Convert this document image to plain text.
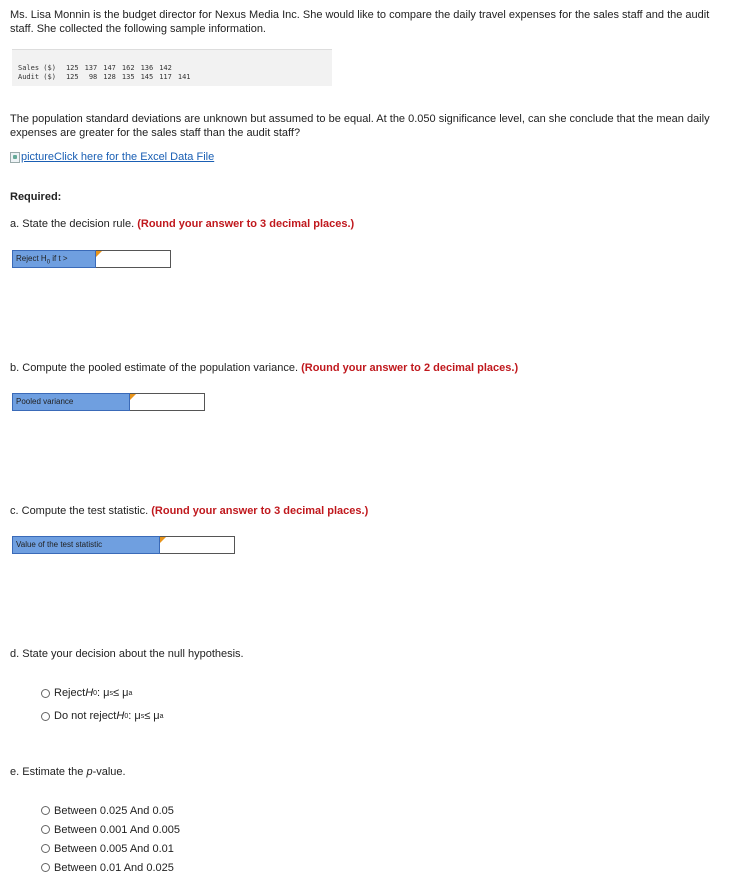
Ms. Lisa Monnin is the budget director for Nexus Media Inc. She would like to compare the daily travel expenses for the sales staff and the audit staff. She collected the following sample information.

Sales ($)	125	137	147	162	136	142	
Audit ($)	125	98	128	135	145	117	141

The population standard deviations are unknown but assumed to be equal. At the 0.050 significance level, can she conclude that the mean daily expenses are greater for the sales staff than the audit staff?

picture Click here for the Excel Data File
Required:
a. State the decision rule. (Round your answer to 3 decimal places.)
Reject $H_0$ if t >
b. Compute the pooled estimate of the population variance. (Round your answer to 2 decimal places.)
Pooled variance
c. Compute the test statistic. (Round your answer to 3 decimal places.)
Value of the test statistic
d. State your decision about the null hypothesis.
Reject H 0 : μ s ≤ μ a
Do not reject H 0 : μ s ≤ μ a
e. Estimate the p-value.
Between 0.025 And 0.05
Between 0.001 And 0.005
Between 0.005 And 0.01
Between 0.01 And 0.025
